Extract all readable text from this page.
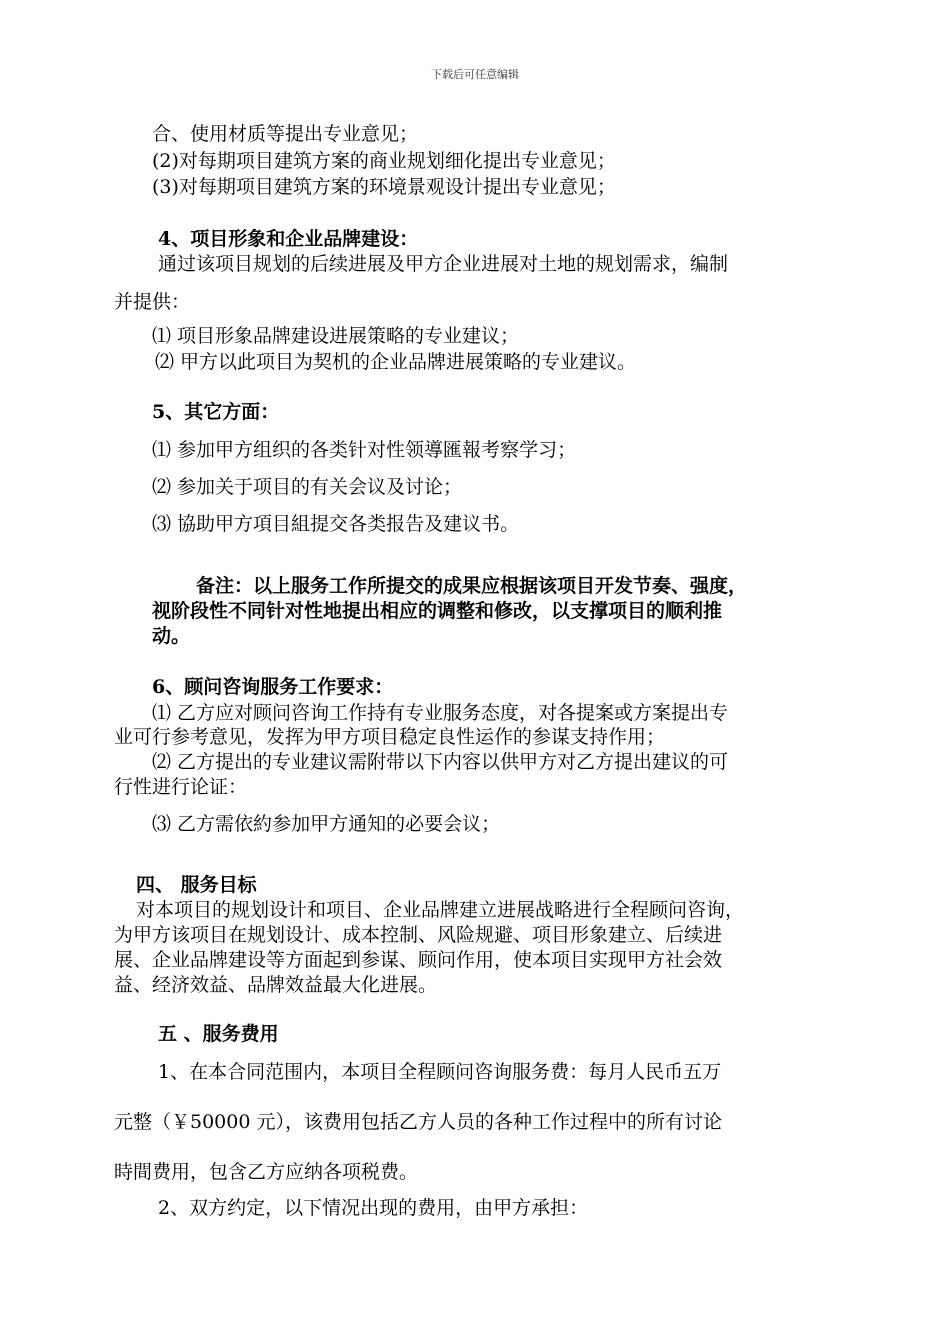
下载后可任意编辑
合、使用材质等提出专业意见；
(2)对每期项目建筑方案的商业规划细化提出专业意见；
(3)对每期项目建筑方案的环境景观设计提出专业意见；
4、项目形象和企业品牌建设：
通过该项目规划的后续进展及甲方企业进展对土地的规划需求，编制
并提供：
⑴ 项目形象品牌建设进展策略的专业建议；
⑵ 甲方以此项目为契机的企业品牌进展策略的专业建议。
5、其它方面：
⑴ 参加甲方组织的各类针对性领導匯報考察学习；
⑵ 参加关于项目的有关会议及讨论；
⑶ 協助甲方項目組提交各类报告及建议书。
备注：以上服务工作所提交的成果应根据该项目开发节奏、强度，
视阶段性不同针对性地提出相应的调整和修改，以支撑项目的顺利推
动。
6、顾问咨询服务工作要求：
⑴ 乙方应对顾问咨询工作持有专业服务态度，对各提案或方案提出专
业可行参考意见，发挥为甲方项目稳定良性运作的参谋支持作用；
⑵ 乙方提出的专业建议需附带以下内容以供甲方对乙方提出建议的可
行性进行论证：
⑶ 乙方需依約参加甲方通知的必要会议；
四、 服务目标
对本项目的规划设计和项目、企业品牌建立进展战略进行全程顾问咨询，
为甲方该项目在规划设计、成本控制、风险规避、项目形象建立、后续进
展、企业品牌建设等方面起到参谋、顾问作用，使本项目实现甲方社会效
益、经济效益、品牌效益最大化进展。
五 、服务费用
1、在本合同范围内，本项目全程顾问咨询服务费：每月人民币五万
元整（￥50000 元），该费用包括乙方人员的各种工作过程中的所有讨论
時間费用，包含乙方应纳各项税费。
2、双方约定，以下情况出现的费用，由甲方承担：
